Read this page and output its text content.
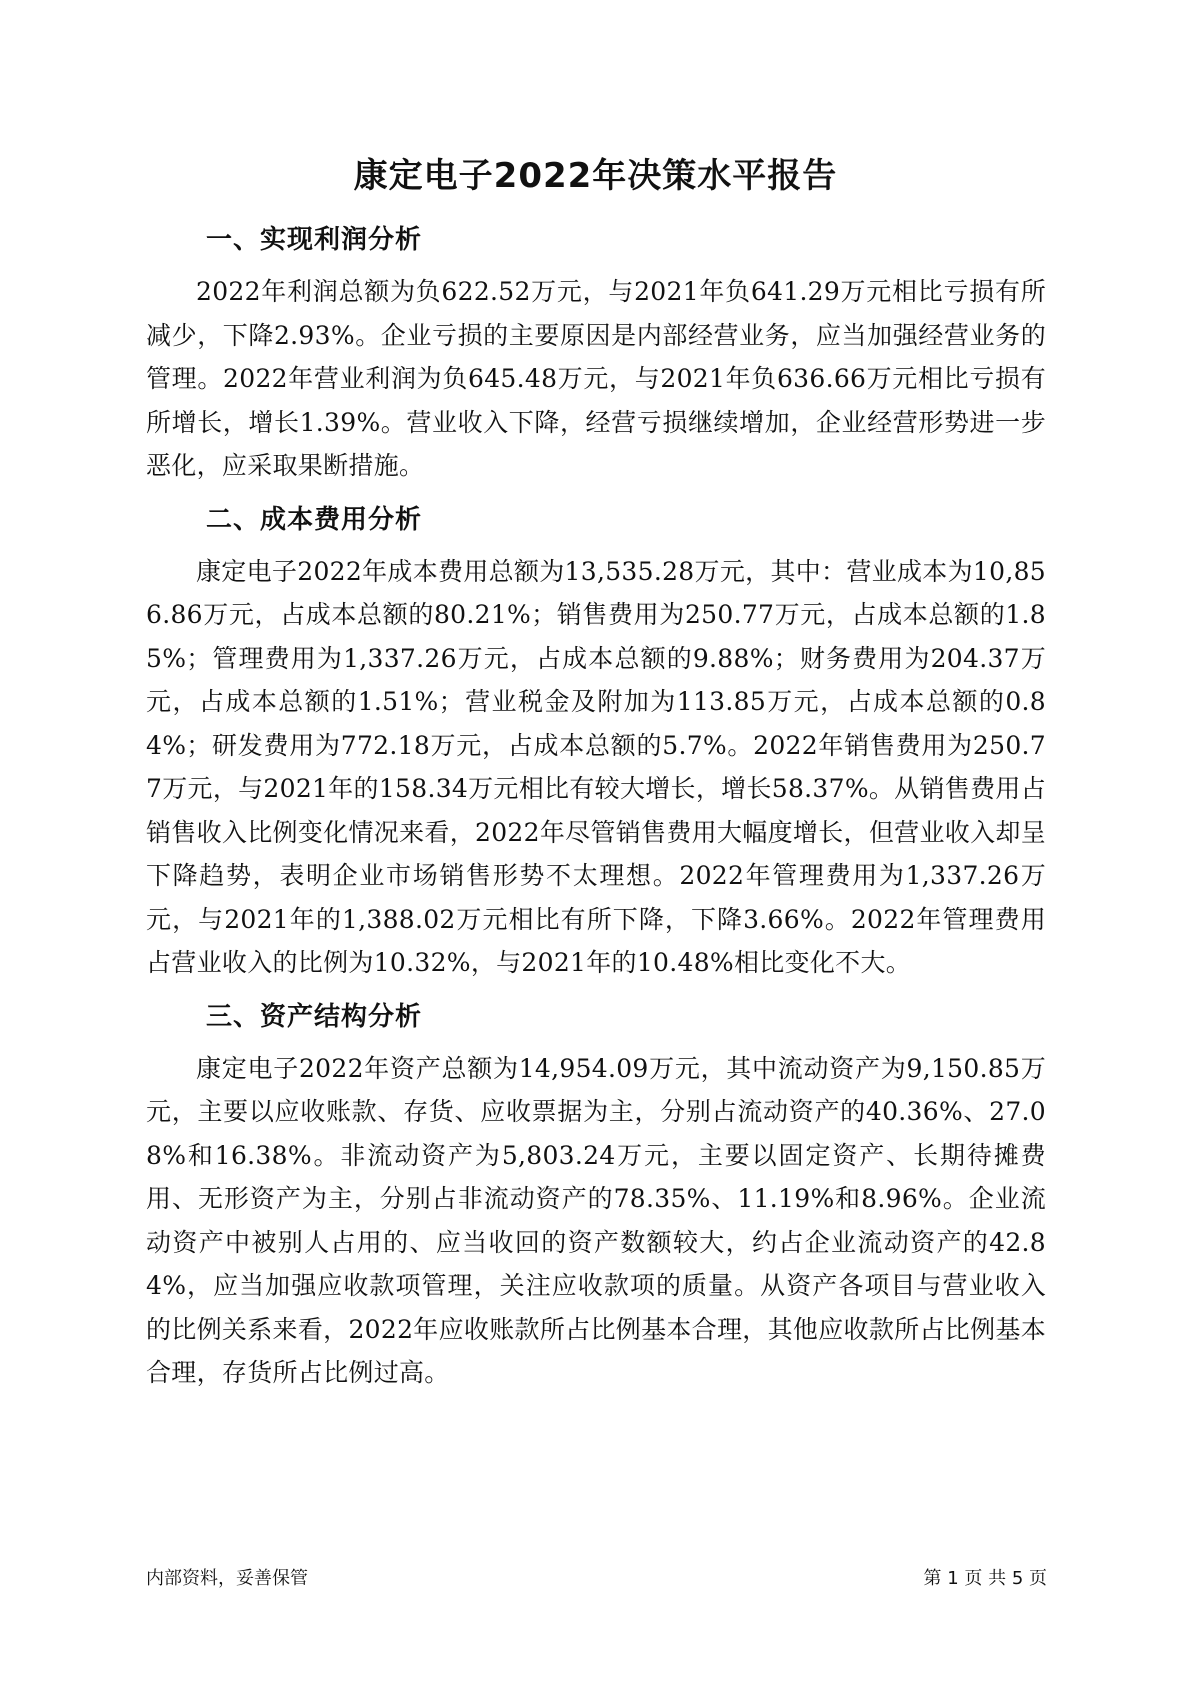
康定电子2022年决策水平报告
一、实现利润分析

2022年利润总额为负622.52万元，与2021年负641.29万元相比亏损有所减少，下降2.93%。企业亏损的主要原因是内部经营业务，应当加强经营业务的管理。2022年营业利润为负645.48万元，与2021年负636.66万元相比亏损有所增长，增长1.39%。营业收入下降，经营亏损继续增加，企业经营形势进一步恶化，应采取果断措施。

二、成本费用分析

康定电子2022年成本费用总额为13,535.28万元，其中：营业成本为10,856.86万元，占成本总额的80.21%；销售费用为250.77万元，占成本总额的1.85%；管理费用为1,337.26万元，占成本总额的9.88%；财务费用为204.37万元，占成本总额的1.51%；营业税金及附加为113.85万元，占成本总额的0.84%；研发费用为772.18万元，占成本总额的5.7%。2022年销售费用为250.77万元，与2021年的158.34万元相比有较大增长，增长58.37%。从销售费用占销售收入比例变化情况来看，2022年尽管销售费用大幅度增长，但营业收入却呈下降趋势，表明企业市场销售形势不太理想。2022年管理费用为1,337.26万元，与2021年的1,388.02万元相比有所下降，下降3.66%。2022年管理费用占营业收入的比例为10.32%，与2021年的10.48%相比变化不大。

三、资产结构分析

康定电子2022年资产总额为14,954.09万元，其中流动资产为9,150.85万元，主要以应收账款、存货、应收票据为主，分别占流动资产的40.36%、27.08%和16.38%。非流动资产为5,803.24万元，主要以固定资产、长期待摊费用、无形资产为主，分别占非流动资产的78.35%、11.19%和8.96%。企业流动资产中被别人占用的、应当收回的资产数额较大，约占企业流动资产的42.84%，应当加强应收款项管理，关注应收款项的质量。从资产各项目与营业收入的比例关系来看，2022年应收账款所占比例基本合理，其他应收款所占比例基本合理，存货所占比例过高。

内部资料，妥善保管	第 1 页 共 5 页
